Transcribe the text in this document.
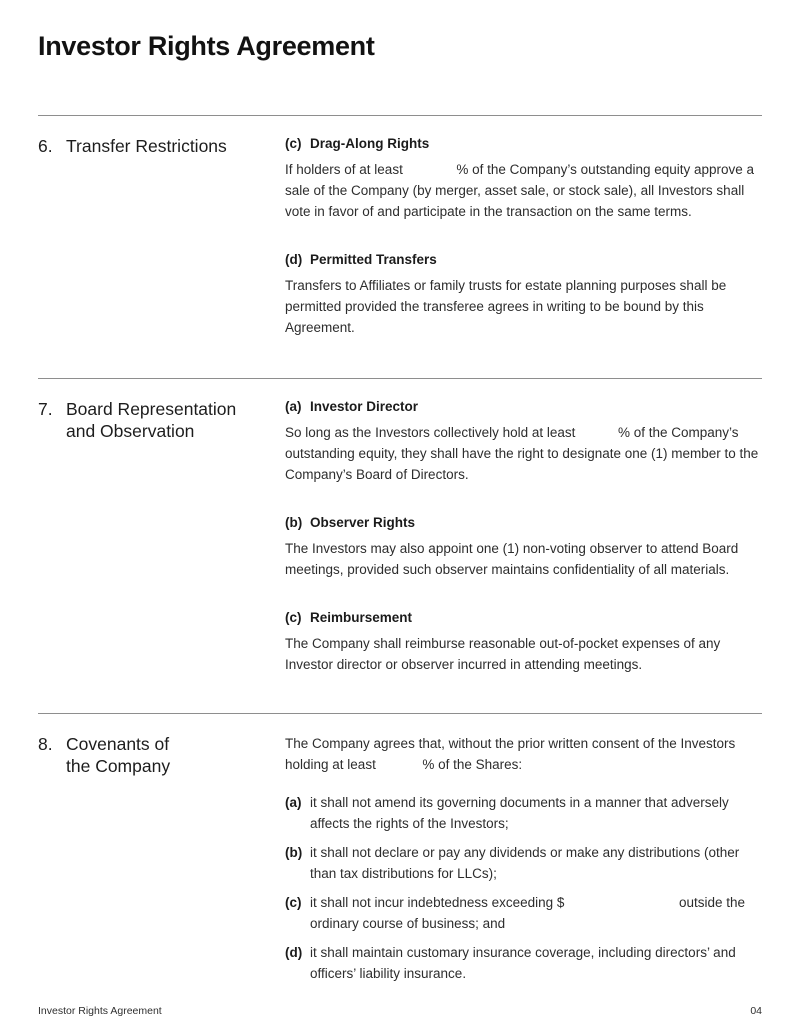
Investor Rights Agreement
6. Transfer Restrictions	(c) Drag-Along Rights

If holders of at least	% of the Company’s outstanding equity approve a sale of the Company (by merger, asset sale, or stock sale), all Investors shall vote in favor of and participate in the transaction on the same terms.

(d) Permitted Transfers

Transfers to Affiliates or family trusts for estate planning purposes shall be permitted provided the transferee agrees in writing to be bound by this Agreement.

7. Board Representation
and Observation
(a) Investor Director

So long as the Investors collectively hold at least	% of the Company’s outstanding equity, they shall have the right to designate one (1) member to the Company’s Board of Directors.

(b) Observer Rights

The Investors may also appoint one (1) non-voting observer to attend Board meetings, provided such observer maintains confidentiality of all materials.

(c) Reimbursement

The Company shall reimburse reasonable out-of-pocket expenses of any Investor director or observer incurred in attending meetings.

8. Covenants of
the Company

The Company agrees that, without the prior written consent of the Investors holding at least	% of the Shares:

(a) it shall not amend its governing documents in a manner that adversely affects the rights of the Investors;
(b) it shall not declare or pay any dividends or make any distributions (other than tax distributions for LLCs);
(c) it shall not incur indebtedness exceeding $	outside the ordinary course of business; and
(d) it shall maintain customary insurance coverage, including directors’ and officers’ liability insurance.
Investor Rights Agreement	04
